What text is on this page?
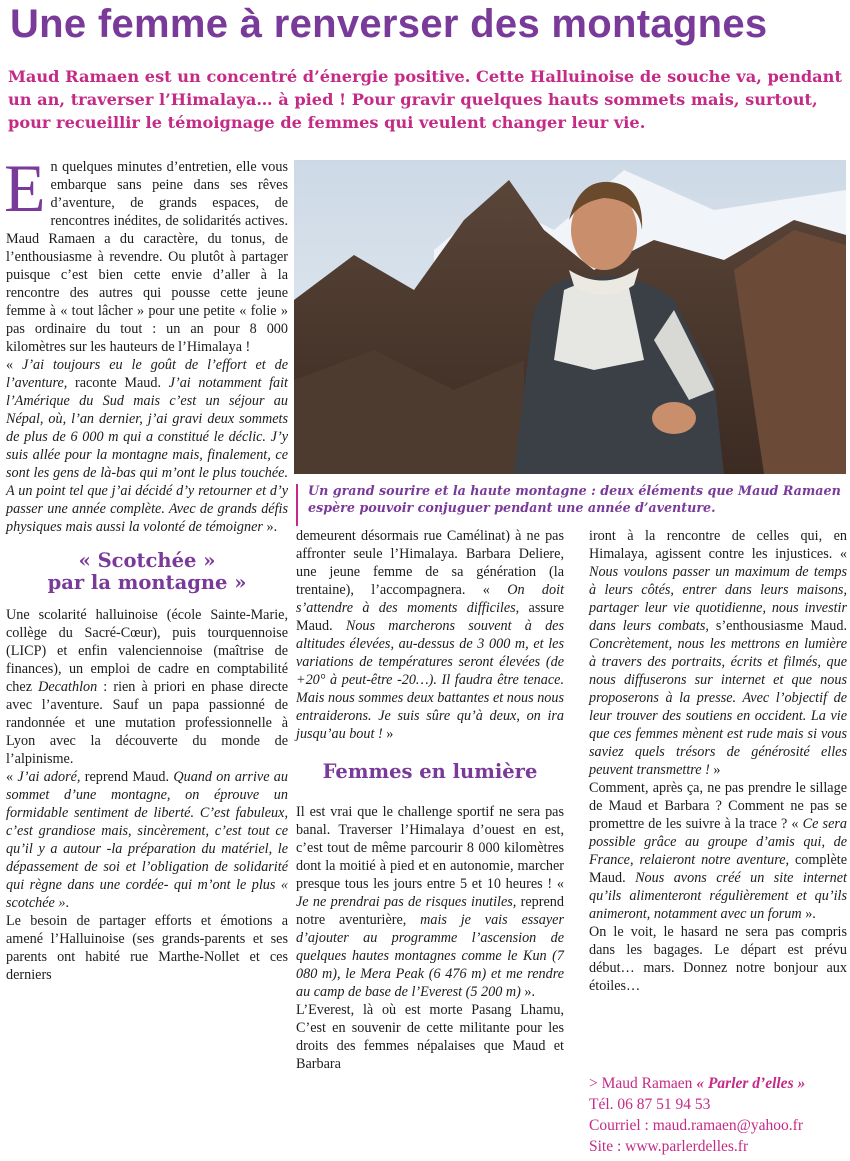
Une femme à renverser des montagnes

Maud Ramaen est un concentré d’énergie positive. Cette Halluinoise de souche va, pendant un an, traverser l’Himalaya… à pied ! Pour gravir quelques hauts sommets mais, surtout, pour recueillir le témoignage de femmes qui veulent changer leur vie.

En quelques minutes d’entretien, elle vous embarque sans peine dans ses rêves d’aventure, de grands espaces, de rencontres inédites, de solidarités actives. Maud Ramaen a du caractère, du tonus, de l’enthousiasme à revendre. Ou plutôt à partager puisque c’est bien cette envie d’aller à la rencontre des autres qui pousse cette jeune femme à « tout lâcher » pour une petite « folie » pas ordinaire du tout : un an pour 8 000 kilomètres sur les hauteurs de l’Himalaya !

« J’ai toujours eu le goût de l’effort et de l’aventure, raconte Maud. J’ai notamment fait l’Amérique du Sud mais c’est un séjour au Népal, où, l’an dernier, j’ai gravi deux sommets de plus de 6 000 m qui a constitué le déclic. J’y suis allée pour la montagne mais, finalement, ce sont les gens de là-bas qui m’ont le plus touchée. A un point tel que j’ai décidé d’y retourner et d’y passer une année complète. Avec de grands défis physiques mais aussi la volonté de témoigner ».

« Scotchée »
par la montagne »

Une scolarité halluinoise (école Sainte-Marie, collège du Sacré-Cœur), puis tourquennoise (LICP) et enfin valenciennoise (maîtrise de finances), un emploi de cadre en comptabilité chez Decathlon : rien à priori en phase directe avec l’aventure. Sauf un papa passionné de randonnée et une mutation professionnelle à Lyon avec la découverte du monde de l’alpinisme.

« J’ai adoré, reprend Maud. Quand on arrive au sommet d’une montagne, on éprouve un formidable sentiment de liberté. C’est fabuleux, c’est grandiose mais, sincèrement, c’est tout ce qu’il y a autour -la préparation du matériel, le dépassement de soi et l’obligation de solidarité qui règne dans une cordée- qui m’ont le plus « scotchée ».

Le besoin de partager efforts et émotions a amené l’Halluinoise (ses grands-parents et ses parents ont habité rue Marthe-Nollet et ces derniers

Un grand sourire et la haute montagne : deux éléments que Maud Ramaen espère pouvoir conjuguer pendant une année d’aventure.

demeurent désormais rue Camélinat) à ne pas affronter seule l’Himalaya. Barbara Deliere, une jeune femme de sa génération (la trentaine), l’accompagnera. « On doit s’attendre à des moments difficiles, assure Maud. Nous marcherons souvent à des altitudes élevées, au-dessus de 3 000 m, et les variations de températures seront élevées (de +20° à peut-être -20…). Il faudra être tenace. Mais nous sommes deux battantes et nous nous entraiderons. Je suis sûre qu’à deux, on ira jusqu’au bout ! »

Femmes en lumière

Il est vrai que le challenge sportif ne sera pas banal. Traverser l’Himalaya d’ouest en est, c’est tout de même parcourir 8 000 kilomètres dont la moitié à pied et en autonomie, marcher presque tous les jours entre 5 et 10 heures ! « Je ne prendrai pas de risques inutiles, reprend notre aventurière, mais je vais essayer d’ajouter au programme l’ascension de quelques hautes montagnes comme le Kun (7 080 m), le Mera Peak (6 476 m) et me rendre au camp de base de l’Everest (5 200 m) ».

L’Everest, là où est morte Pasang Lhamu, C’est en souvenir de cette militante pour les droits des femmes népalaises que Maud et Barbara

iront à la rencontre de celles qui, en Himalaya, agissent contre les injustices. « Nous voulons passer un maximum de temps à leurs côtés, entrer dans leurs maisons, partager leur vie quotidienne, nous investir dans leurs combats, s’enthousiasme Maud. Concrètement, nous les mettrons en lumière à travers des portraits, écrits et filmés, que nous diffuserons sur internet et que nous proposerons à la presse. Avec l’objectif de leur trouver des soutiens en occident. La vie que ces femmes mènent est rude mais si vous saviez quels trésors de générosité elles peuvent transmettre ! »

Comment, après ça, ne pas prendre le sillage de Maud et Barbara ? Comment ne pas se promettre de les suivre à la trace ? « Ce sera possible grâce au groupe d’amis qui, de France, relaieront notre aventure, complète Maud. Nous avons créé un site internet qu’ils alimenteront régulièrement et qu’ils animeront, notamment avec un forum ».

On le voit, le hasard ne sera pas compris dans les bagages. Le départ est prévu début… mars. Donnez notre bonjour aux étoiles…

> Maud Ramaen « Parler d’elles »

Tél. 06 87 51 94 53

Courriel : maud.ramaen@yahoo.fr

Site : www.parlerdelles.fr
